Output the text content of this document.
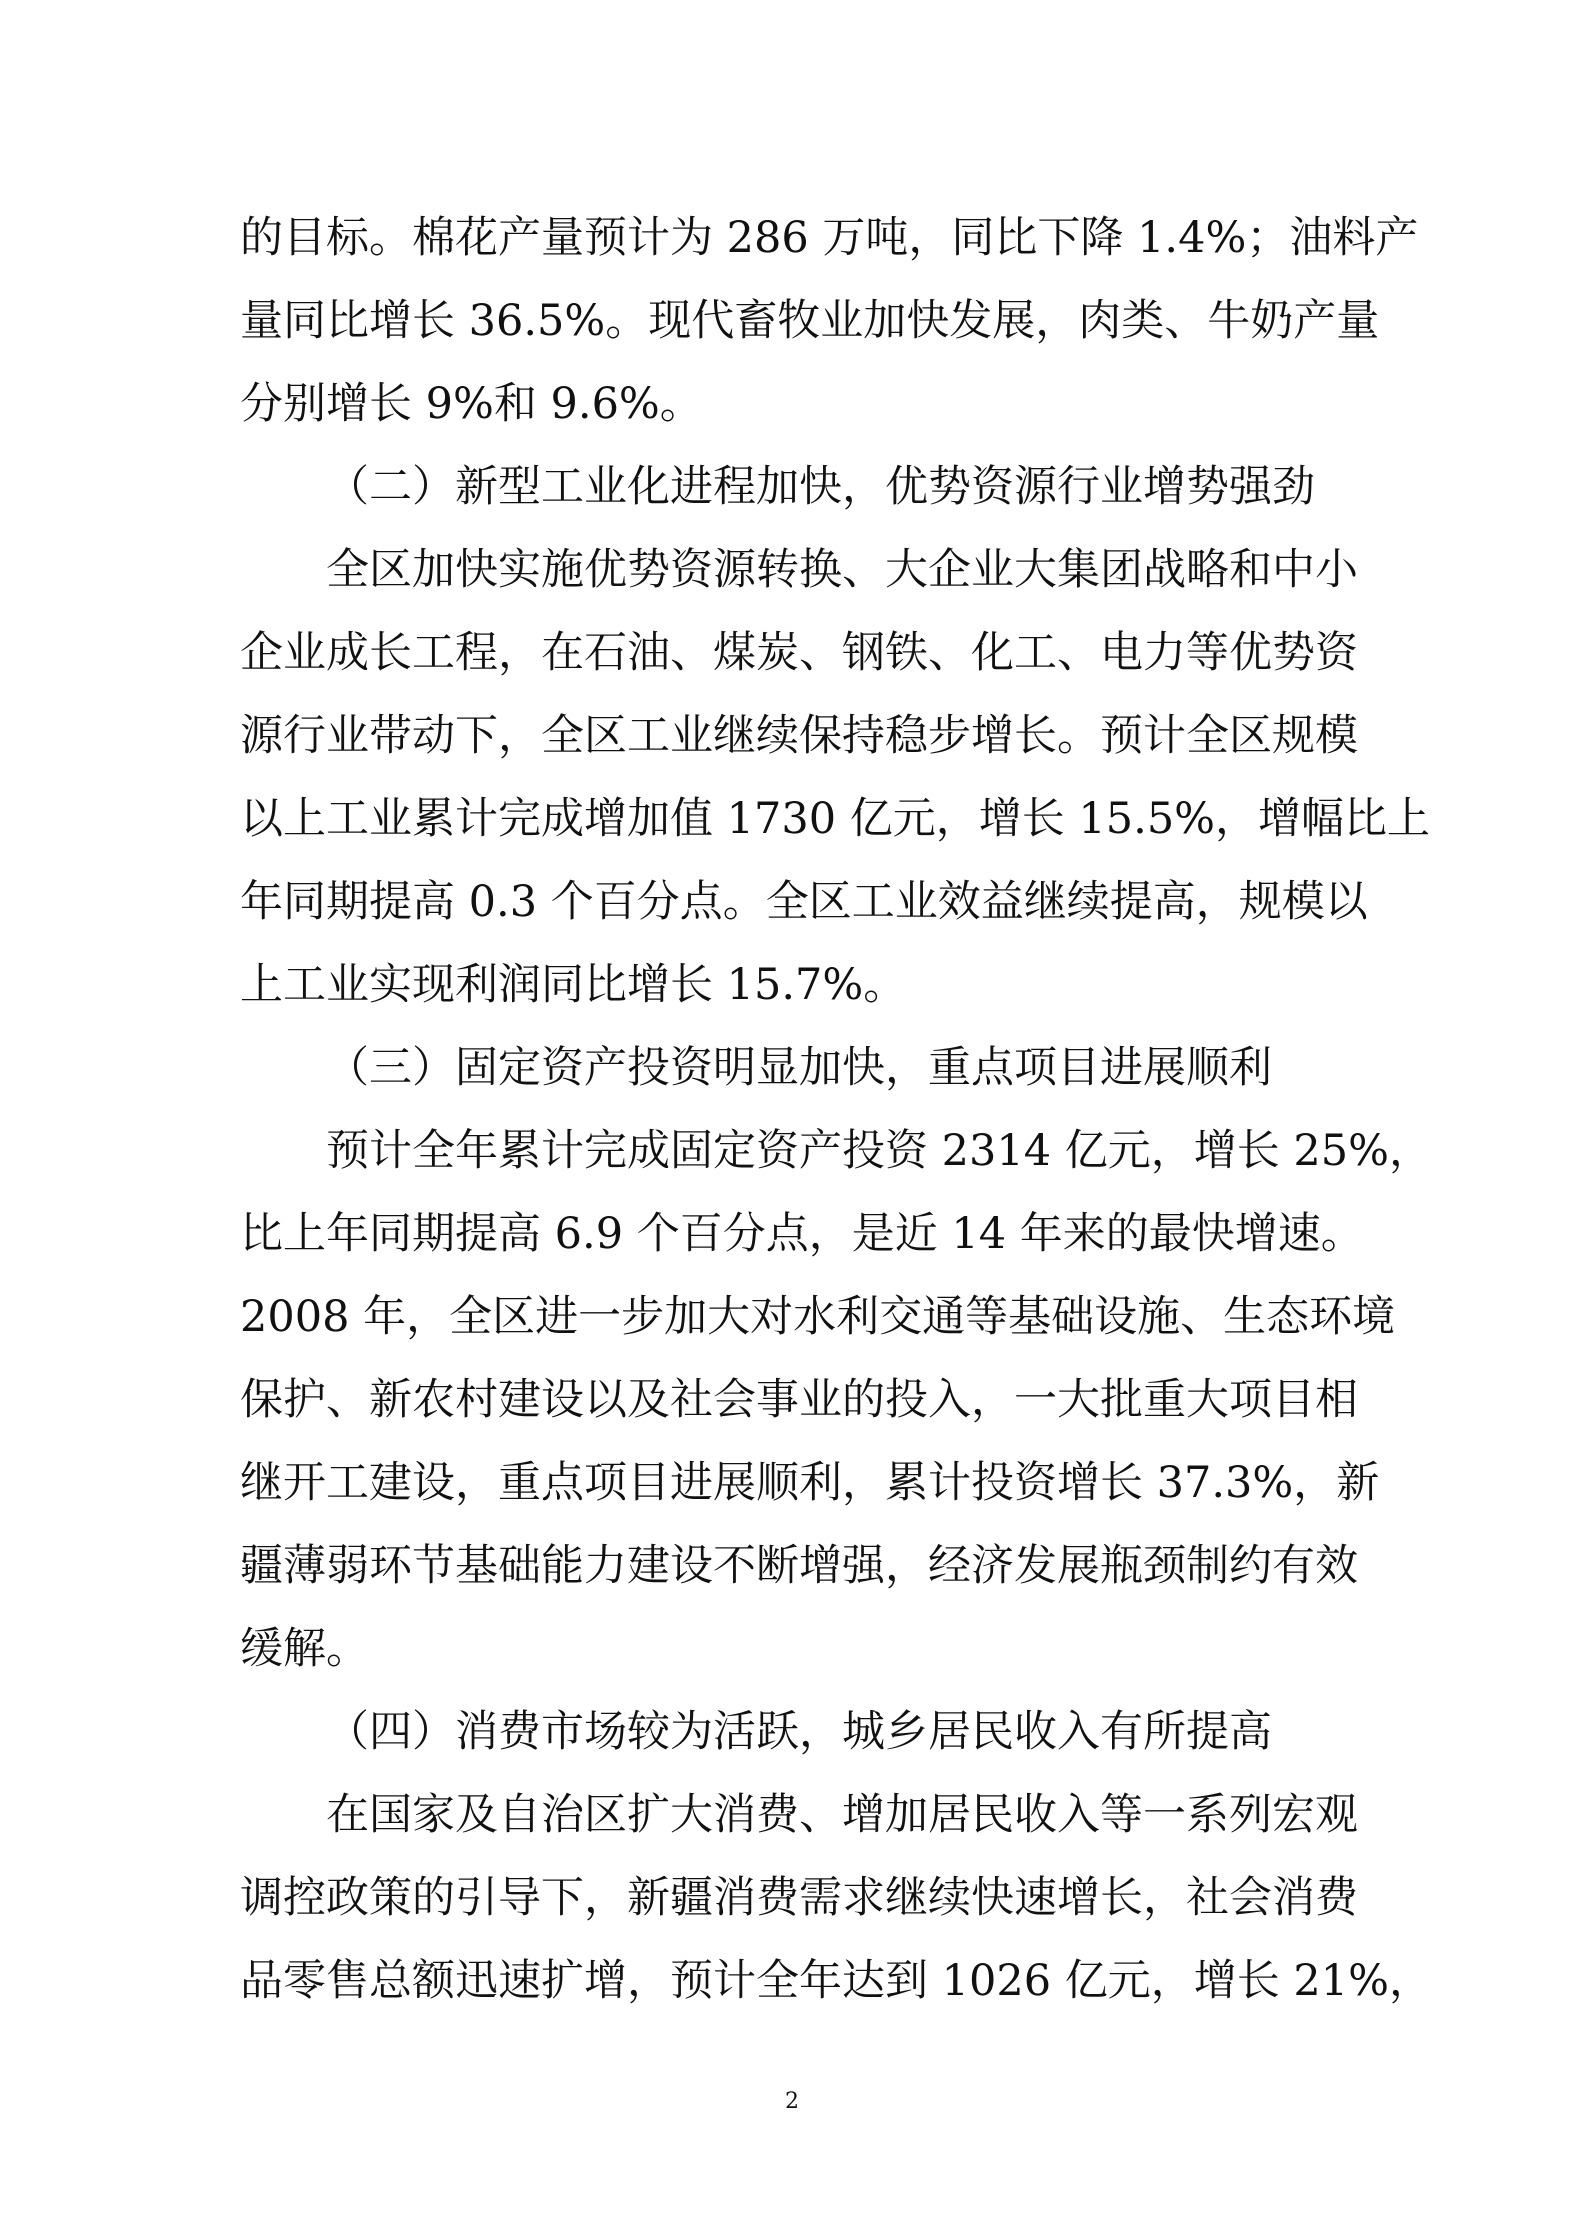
的目标。棉花产量预计为 286 万吨，同比下降 1.4%；油料产
量同比增长 36.5%。现代畜牧业加快发展，肉类、牛奶产量
分别增长 9%和 9.6%。
（二）新型工业化进程加快，优势资源行业增势强劲
全区加快实施优势资源转换、大企业大集团战略和中小
企业成长工程，在石油、煤炭、钢铁、化工、电力等优势资
源行业带动下，全区工业继续保持稳步增长。预计全区规模
以上工业累计完成增加值 1730 亿元，增长 15.5%，增幅比上
年同期提高 0.3 个百分点。全区工业效益继续提高，规模以
上工业实现利润同比增长 15.7%。
（三）固定资产投资明显加快，重点项目进展顺利
预计全年累计完成固定资产投资 2314 亿元，增长 25%，
比上年同期提高 6.9 个百分点，是近 14 年来的最快增速。
2008 年，全区进一步加大对水利交通等基础设施、生态环境
保护、新农村建设以及社会事业的投入，一大批重大项目相
继开工建设，重点项目进展顺利，累计投资增长 37.3%，新
疆薄弱环节基础能力建设不断增强，经济发展瓶颈制约有效
缓解。
（四）消费市场较为活跃，城乡居民收入有所提高
在国家及自治区扩大消费、增加居民收入等一系列宏观
调控政策的引导下，新疆消费需求继续快速增长，社会消费
品零售总额迅速扩增，预计全年达到 1026 亿元，增长 21%，
2
